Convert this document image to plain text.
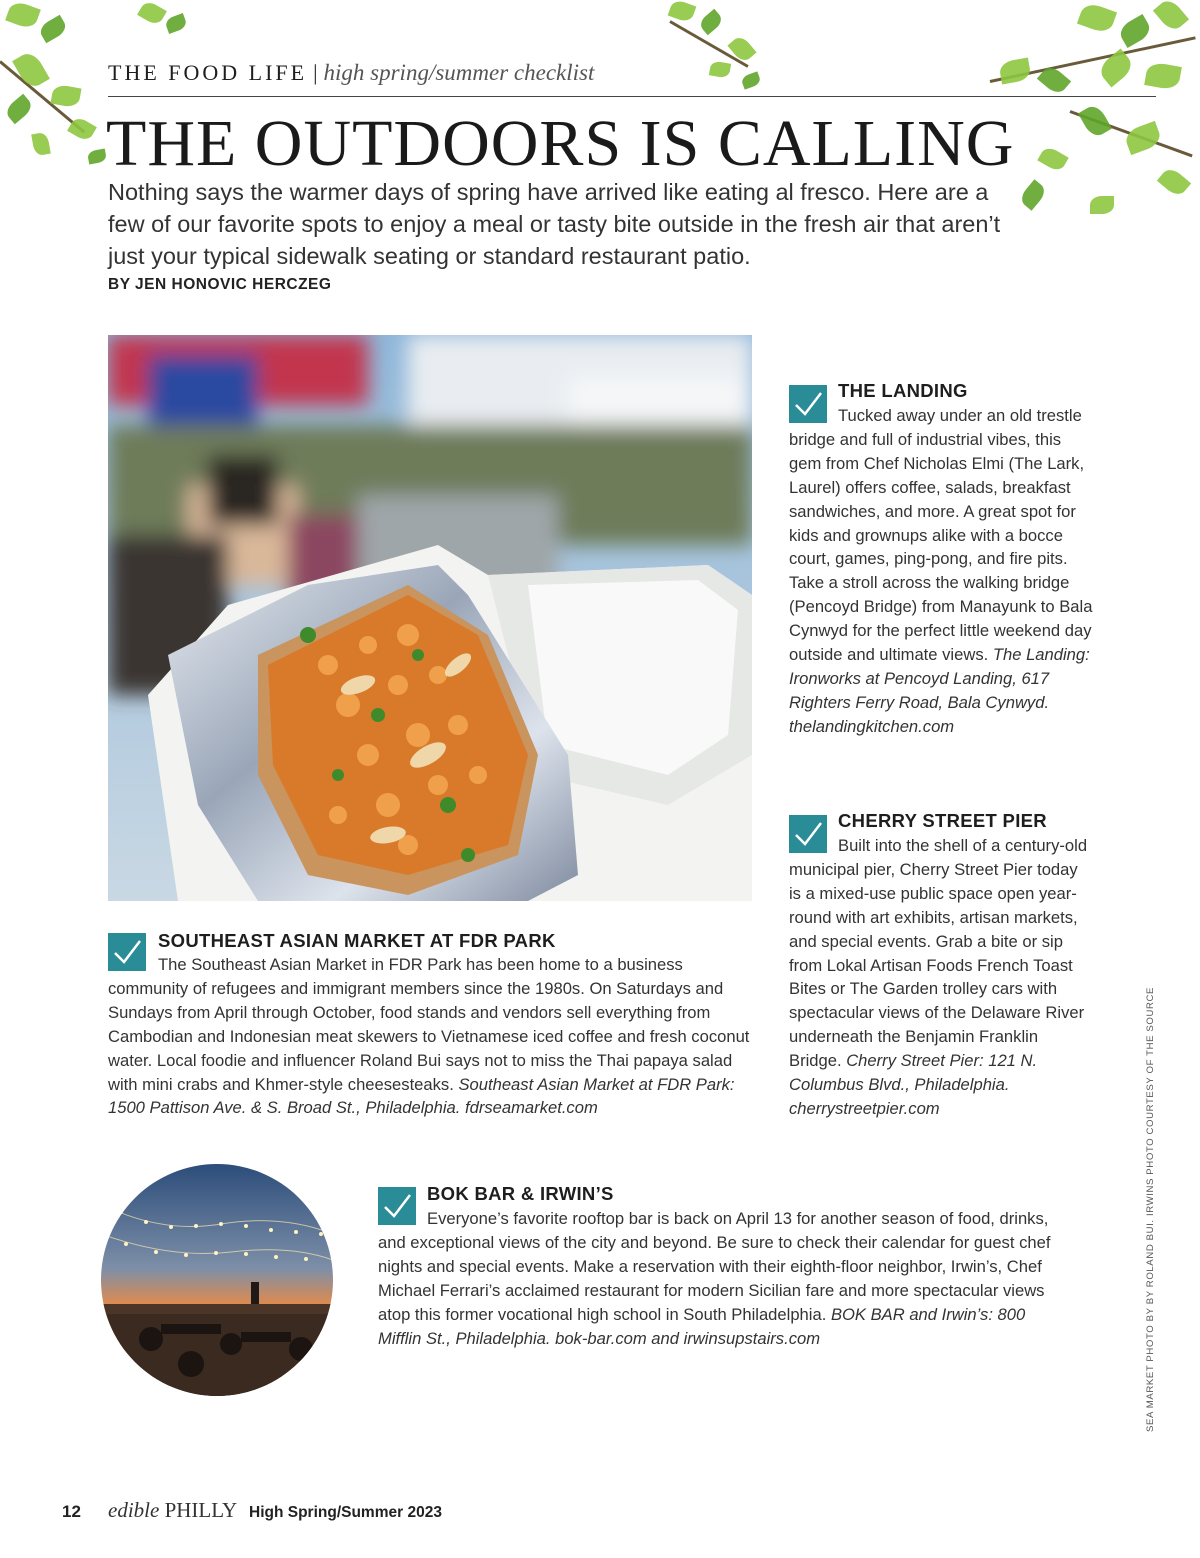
THE FOOD LIFE | high spring/summer checklist
THE OUTDOORS IS CALLING
Nothing says the warmer days of spring have arrived like eating al fresco. Here are a few of our favorite spots to enjoy a meal or tasty bite outside in the fresh air that aren’t just your typical sidewalk seating or standard restaurant patio.
BY JEN HONOVIC HERCZEG
THE LANDING
Tucked away under an old trestle bridge and full of industrial vibes, this gem from Chef Nicholas Elmi (The Lark, Laurel) offers coffee, salads, breakfast sandwiches, and more. A great spot for kids and grownups alike with a bocce court, games, ping-pong, and fire pits. Take a stroll across the walking bridge (Pencoyd Bridge) from Manayunk to Bala Cynwyd for the perfect little weekend day outside and ultimate views. The Landing: Ironworks at Pencoyd Landing, 617 Righters Ferry Road, Bala Cynwyd. thelandingkitchen.com
CHERRY STREET PIER
Built into the shell of a century-old municipal pier, Cherry Street Pier today is a mixed-use public space open year-round with art exhibits, artisan markets, and special events. Grab a bite or sip from Lokal Artisan Foods French Toast Bites or The Garden trolley cars with spectacular views of the Delaware River underneath the Benjamin Franklin Bridge. Cherry Street Pier: 121 N. Columbus Blvd., Philadelphia. cherrystreetpier.com
SOUTHEAST ASIAN MARKET AT FDR PARK
The Southeast Asian Market in FDR Park has been home to a business community of refugees and immigrant members since the 1980s. On Saturdays and Sundays from April through October, food stands and vendors sell everything from Cambodian and Indonesian meat skewers to Vietnamese iced coffee and fresh coconut water. Local foodie and influencer Roland Bui says not to miss the Thai papaya salad with mini crabs and Khmer-style cheesesteaks. Southeast Asian Market at FDR Park: 1500 Pattison Ave. & S. Broad St., Philadelphia. fdrseamarket.com
BOK BAR & IRWIN’S
Everyone’s favorite rooftop bar is back on April 13 for another season of food, drinks, and exceptional views of the city and beyond. Be sure to check their calendar for guest chef nights and special events. Make a reservation with their eighth-floor neighbor, Irwin’s, Chef Michael Ferrari’s acclaimed restaurant for modern Sicilian fare and more spectacular views atop this former vocational high school in South Philadelphia. BOK BAR and Irwin’s: 800 Mifflin St., Philadelphia. bok-bar.com and irwinsupstairs.com	SEA MARKET PHOTO BY BY ROLAND BUI. IRWINS PHOTO COURTESY OF THE SOURCE
12 edible PHILLY High Spring/Summer 2023
